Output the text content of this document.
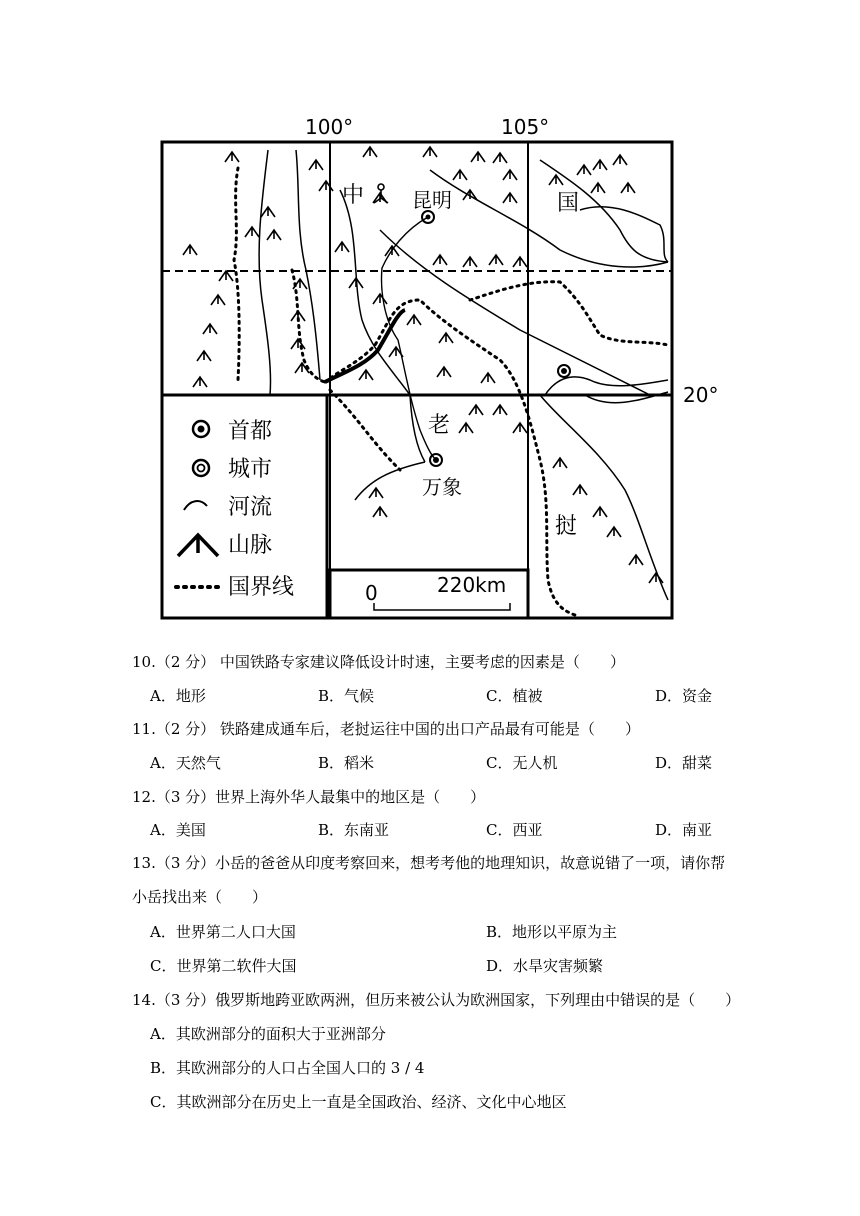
100°	105°
20°
中	国
昆明
老
挝
万象
首都
城市
河流
山脉
国界线	0	220km
10.（2 分） 中国铁路专家建议降低设计时速，主要考虑的因素是（　　）
A．地形	B．气候	C．植被	D．资金
11.（2 分） 铁路建成通车后，老挝运往中国的出口产品最有可能是（　　）
A．天然气	B．稻米	C．无人机	D．甜菜
12.（3 分）世界上海外华人最集中的地区是（　　）
A．美国	B．东南亚	C．西亚	D．南亚
13.（3 分）小岳的爸爸从印度考察回来，想考考他的地理知识，故意说错了一项，请你帮小岳找出来（　　）
A．世界第二人口大国	B．地形以平原为主
C．世界第二软件大国	D．水旱灾害频繁
14.（3 分）俄罗斯地跨亚欧两洲，但历来被公认为欧洲国家，下列理由中错误的是（　　）
A．其欧洲部分的面积大于亚洲部分
B．其欧洲部分的人口占全国人口的 3 / 4
C．其欧洲部分在历史上一直是全国政治、经济、文化中心地区
